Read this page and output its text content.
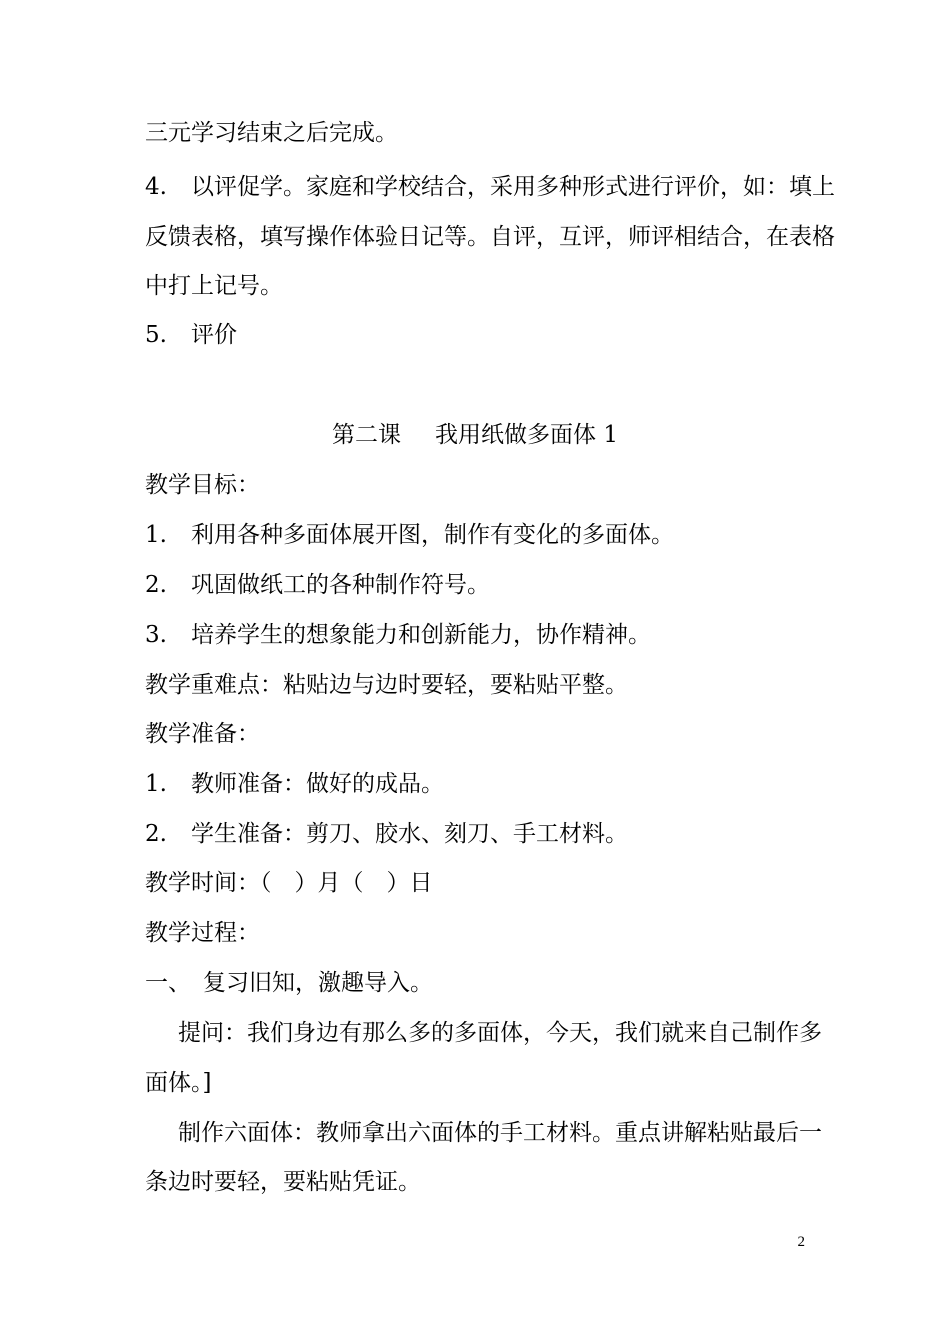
三元学习结束之后完成。
4. 以评促学。家庭和学校结合，采用多种形式进行评价，如：填上
反馈表格，填写操作体验日记等。自评，互评，师评相结合，在表格
中打上记号。
5. 评价
第二课 我用纸做多面体 1
教学目标：
1. 利用各种多面体展开图，制作有变化的多面体。
2. 巩固做纸工的各种制作符号。
3. 培养学生的想象能力和创新能力，协作精神。
教学重难点：粘贴边与边时要轻，要粘贴平整。
教学准备：
1. 教师准备：做好的成品。
2. 学生准备：剪刀、胶水、刻刀、手工材料。
教学时间：（　）月（　）日
教学过程：
一、 复习旧知，激趣导入。
提问：我们身边有那么多的多面体，今天，我们就来自己制作多
面体。]
制作六面体：教师拿出六面体的手工材料。重点讲解粘贴最后一
条边时要轻，要粘贴凭证。
2
